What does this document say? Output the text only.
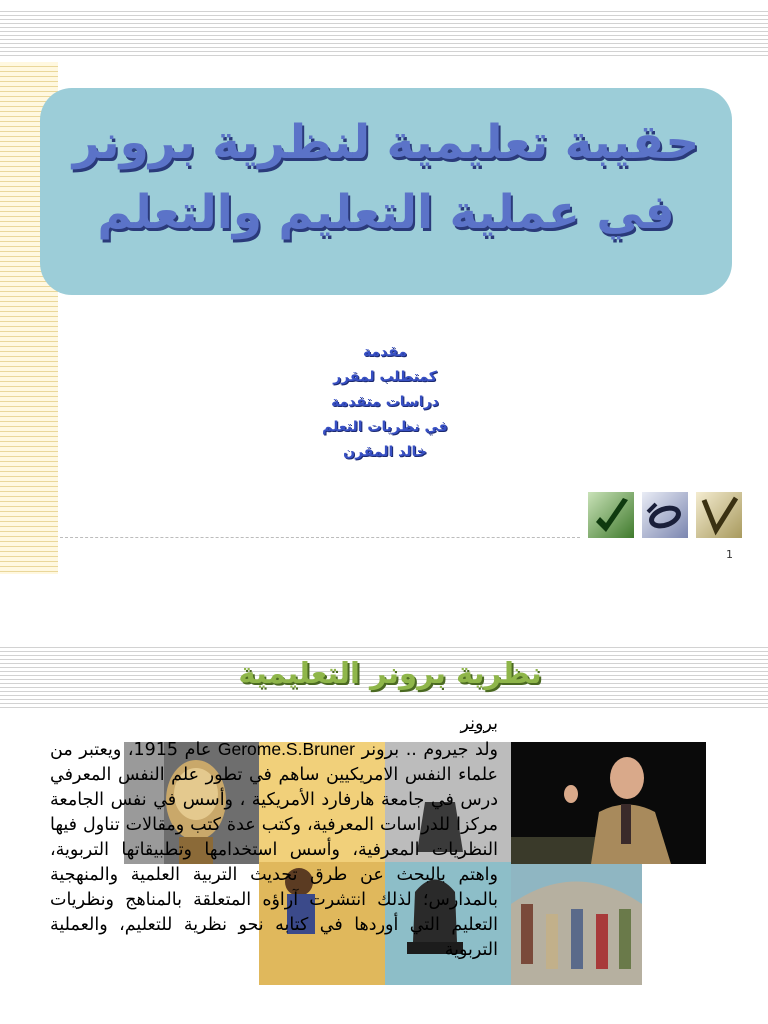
حقيبة تعليمية لنظرية برونر
في عملية التعليم والتعلم
مقدمة
كمتطلب لمقرر
دراسات متقدمة
في نظريات التعلم
خالد المقرن
1
نظرية برونر التعليمية
برونر
ولد جيروم .. برونر Gerome.S.Bruner عام 1915، ويعتبر من علماء النفس الامريكيين ساهم في تطور علم النفس المعرفي درس في جامعة هارفارد الأمريكية ، وأسس في نفس الجامعة مركزا للدراسات المعرفية، وكتب عدة كتب ومقالات تناول فيها النظريات المعرفية، وأسس استخدامها وتطبيقاتها التربوية، واهتم بالبحث عن طرق تحديث التربية العلمية والمنهجية بالمدارس؛ لذلك انتشرت آراؤه المتعلقة بالمناهج ونظريات التعليم التي أوردها في كتابه نحو نظرية للتعليم، والعملية التربوية
